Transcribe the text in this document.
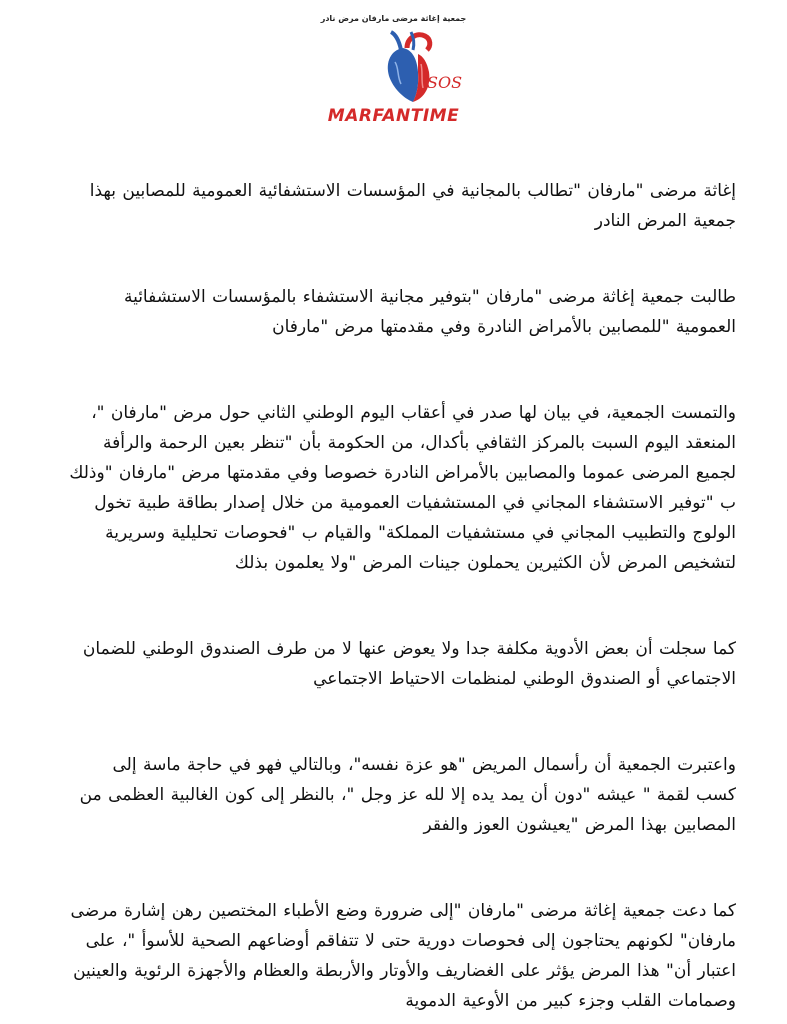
جمعية إغاثة مرضى مارفان مرض نادر
SOS
MARFANTIME

إغاثة مرضى "مارفان "تطالب بالمجانية في المؤسسات الاستشفائية العمومية للمصابين بهذا جمعية المرض النادر

طالبت جمعية إغاثة مرضى "مارفان "بتوفير مجانية الاستشفاء بالمؤسسات الاستشفائية العمومية "للمصابين بالأمراض النادرة وفي مقدمتها مرض "مارفان

والتمست الجمعية، في بيان لها صدر في أعقاب اليوم الوطني الثاني حول مرض "مارفان "، المنعقد اليوم السبت بالمركز الثقافي بأكدال، من الحكومة بأن "تنظر بعين الرحمة والرأفة لجميع المرضى عموما والمصابين بالأمراض النادرة خصوصا وفي مقدمتها مرض "مارفان "وذلك ب "توفير الاستشفاء المجاني في المستشفيات العمومية من خلال إصدار بطاقة طبية تخول الولوج والتطبيب المجاني في مستشفيات المملكة" والقيام ب "فحوصات تحليلية وسريرية لتشخيص المرض لأن الكثيرين يحملون جينات المرض "ولا يعلمون بذلك

كما سجلت أن بعض الأدوية مكلفة جدا ولا يعوض عنها لا من طرف الصندوق الوطني للضمان الاجتماعي أو الصندوق الوطني لمنظمات الاحتياط الاجتماعي

واعتبرت الجمعية أن رأسمال المريض "هو عزة نفسه"، وبالتالي فهو في حاجة ماسة إلى كسب لقمة " عيشه "دون أن يمد يده إلا لله عز وجل "، بالنظر إلى كون الغالبية العظمى من المصابين بهذا المرض "يعيشون العوز والفقر

كما دعت جمعية إغاثة مرضى "مارفان "إلى ضرورة وضع الأطباء المختصين رهن إشارة مرضى مارفان" لكونهم يحتاجون إلى فحوصات دورية حتى لا تتفاقم أوضاعهم الصحية للأسوأ "، على اعتبار أن" هذا المرض يؤثر على الغضاريف والأوتار والأربطة والعظام والأجهزة الرئوية والعينين وصمامات القلب وجزء كبير من الأوعية الدموية
